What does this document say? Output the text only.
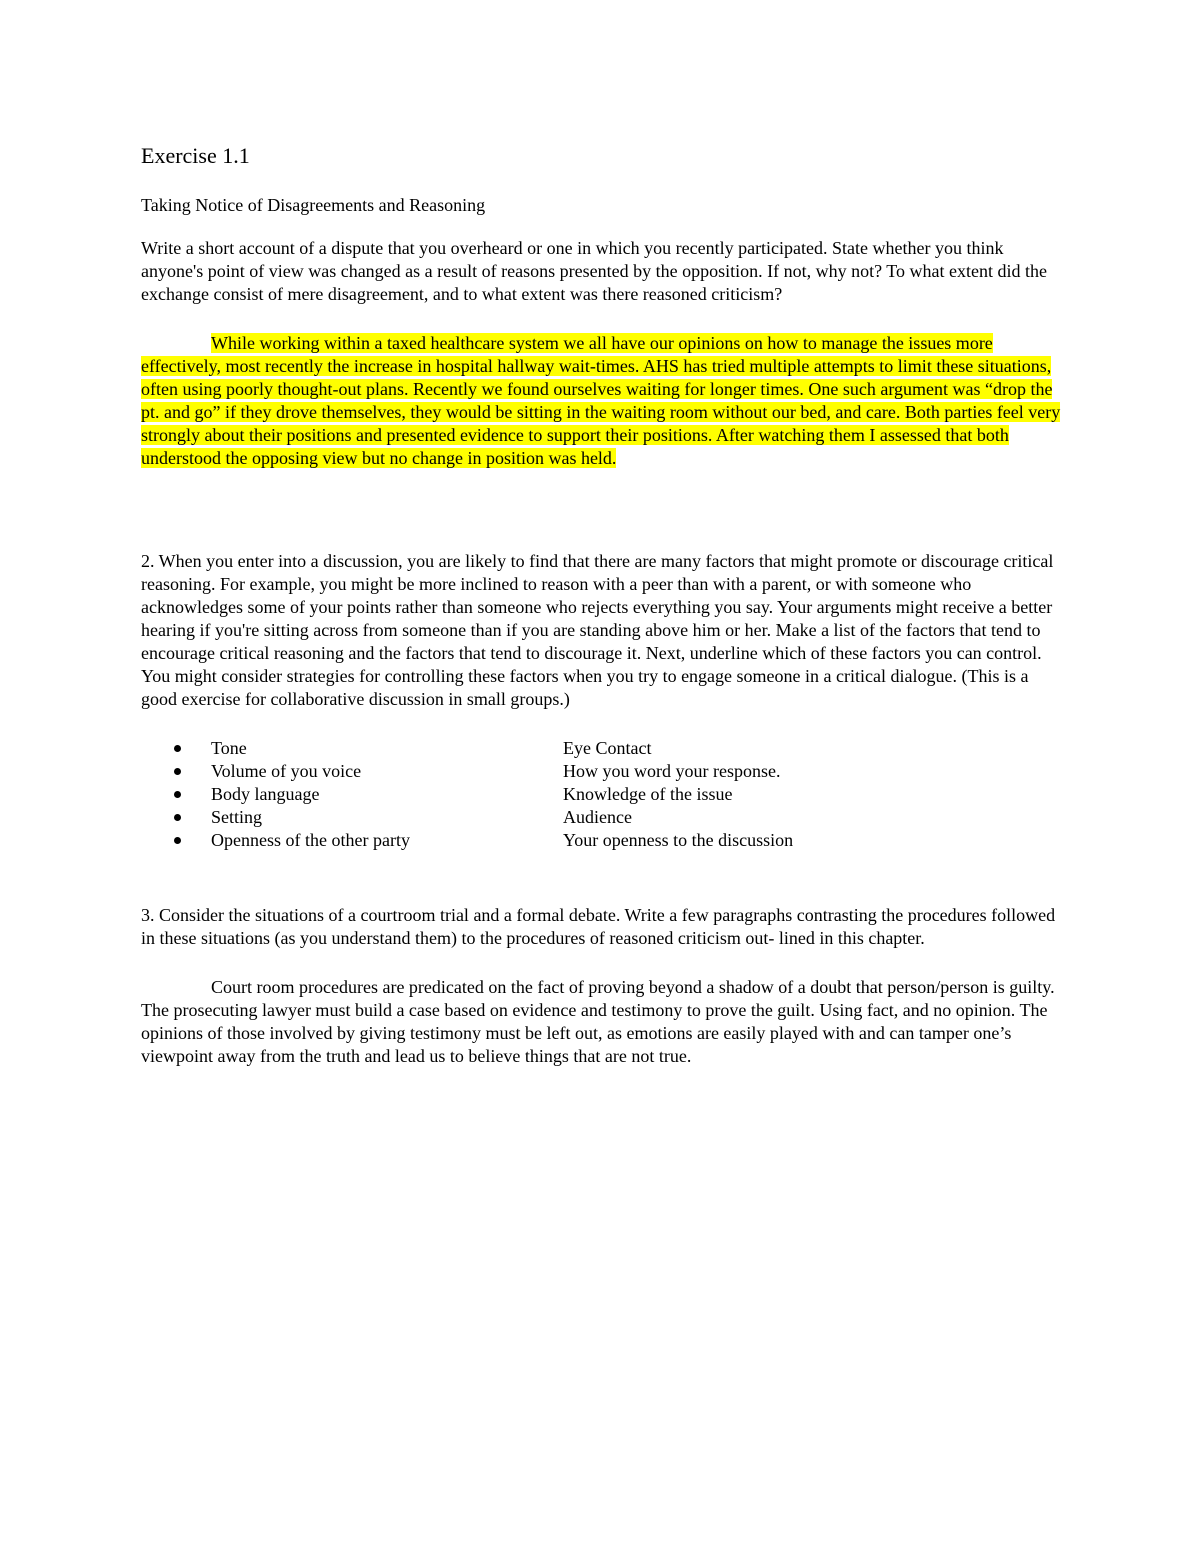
Exercise 1.1

Taking Notice of Disagreements and Reasoning

Write a short account of a dispute that you overheard or one in which you recently participated. State whether you think anyone's point of view was changed as a result of reasons presented by the opposition. If not, why not? To what extent did the exchange consist of mere disagreement, and to what extent was there reasoned criticism?

While working within a taxed healthcare system we all have our opinions on how to manage the issues more effectively, most recently the increase in hospital hallway wait-times. AHS has tried multiple attempts to limit these situations, often using poorly thought-out plans. Recently we found ourselves waiting for longer times. One such argument was “drop the pt. and go” if they drove themselves, they would be sitting in the waiting room without our bed, and care. Both parties feel very strongly about their positions and presented evidence to support their positions. After watching them I assessed that both understood the opposing view but no change in position was held.

2. When you enter into a discussion, you are likely to find that there are many factors that might promote or discourage critical reasoning. For example, you might be more inclined to reason with a peer than with a parent, or with someone who acknowledges some of your points rather than someone who rejects everything you say. Your arguments might receive a better hearing if you're sitting across from someone than if you are standing above him or her. Make a list of the factors that tend to encourage critical reasoning and the factors that tend to discourage it. Next, underline which of these factors you can control. You might consider strategies for controlling these factors when you try to engage someone in a critical dialogue. (This is a good exercise for collaborative discussion in small groups.)

Tone	Eye Contact
Volume of you voice	How you word your response.
Body language	Knowledge of the issue
Setting	Audience
Openness of the other party	Your openness to the discussion

3. Consider the situations of a courtroom trial and a formal debate. Write a few paragraphs contrasting the procedures followed in these situations (as you understand them) to the procedures of reasoned criticism out- lined in this chapter.

Court room procedures are predicated on the fact of proving beyond a shadow of a doubt that person/person is guilty. The prosecuting lawyer must build a case based on evidence and testimony to prove the guilt. Using fact, and no opinion. The opinions of those involved by giving testimony must be left out, as emotions are easily played with and can tamper one’s viewpoint away from the truth and lead us to believe things that are not true.
